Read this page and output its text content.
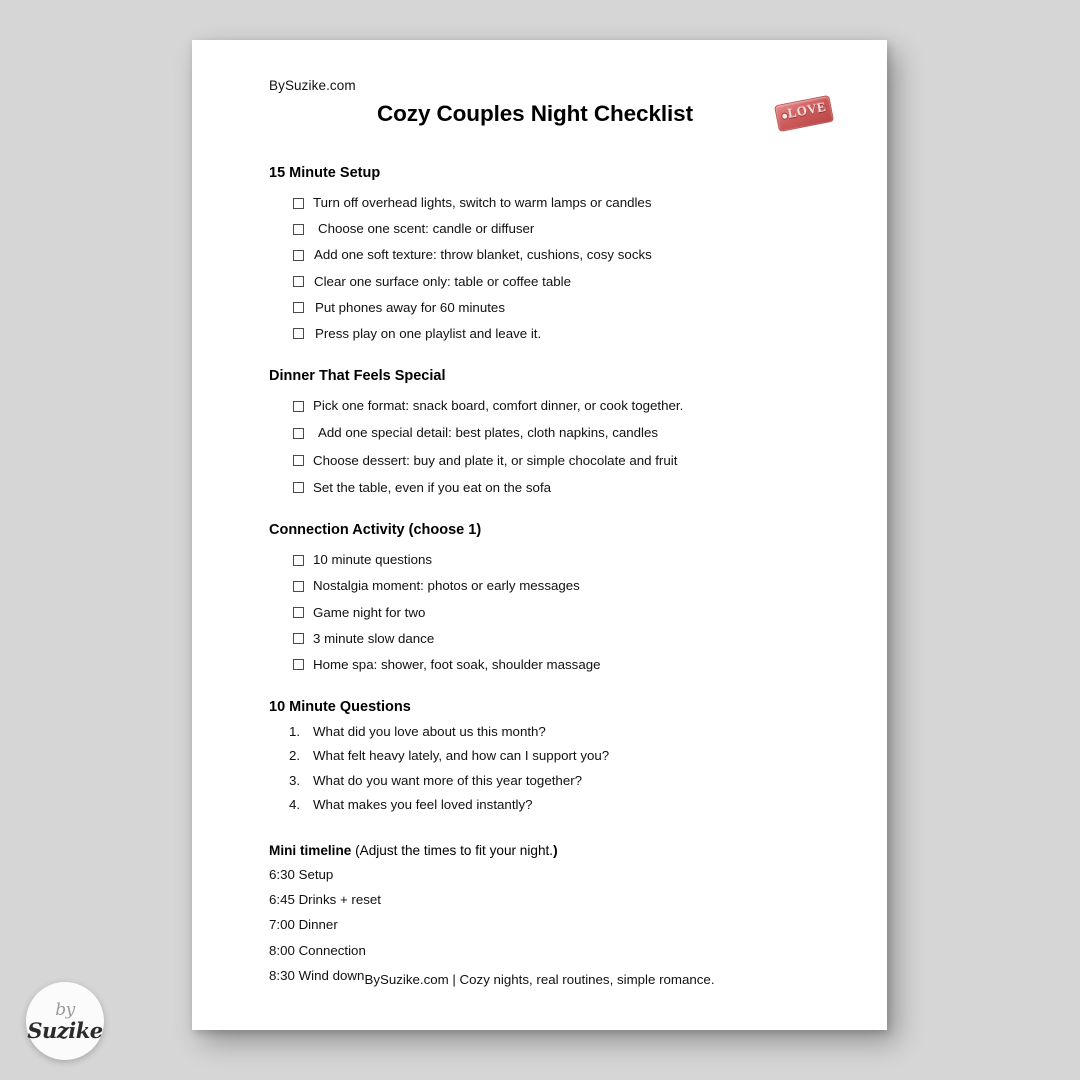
BySuzike.com
Cozy Couples Night Checklist	LOVE
15 Minute Setup
Turn off overhead lights, switch to warm lamps or candles
Choose one scent: candle or diffuser
Add one soft texture: throw blanket, cushions, cosy socks
Clear one surface only: table or coffee table
Put phones away for 60 minutes
Press play on one playlist and leave it.
Dinner That Feels Special
Pick one format: snack board, comfort dinner, or cook together.
Add one special detail: best plates, cloth napkins, candles
Choose dessert: buy and plate it, or simple chocolate and fruit
Set the table, even if you eat on the sofa
Connection Activity (choose 1)
10 minute questions
Nostalgia moment: photos or early messages
Game night for two
3 minute slow dance
Home spa: shower, foot soak, shoulder massage
10 Minute Questions
1. What did you love about us this month?
2. What felt heavy lately, and how can I support you?
3. What do you want more of this year together?
4. What makes you feel loved instantly?
Mini timeline (Adjust the times to fit your night.)
6:30 Setup
6:45 Drinks + reset
7:00 Dinner
8:00 Connection
8:30 Wind down BySuzike.com | Cozy nights, real routines, simple romance.
by
Suzike
